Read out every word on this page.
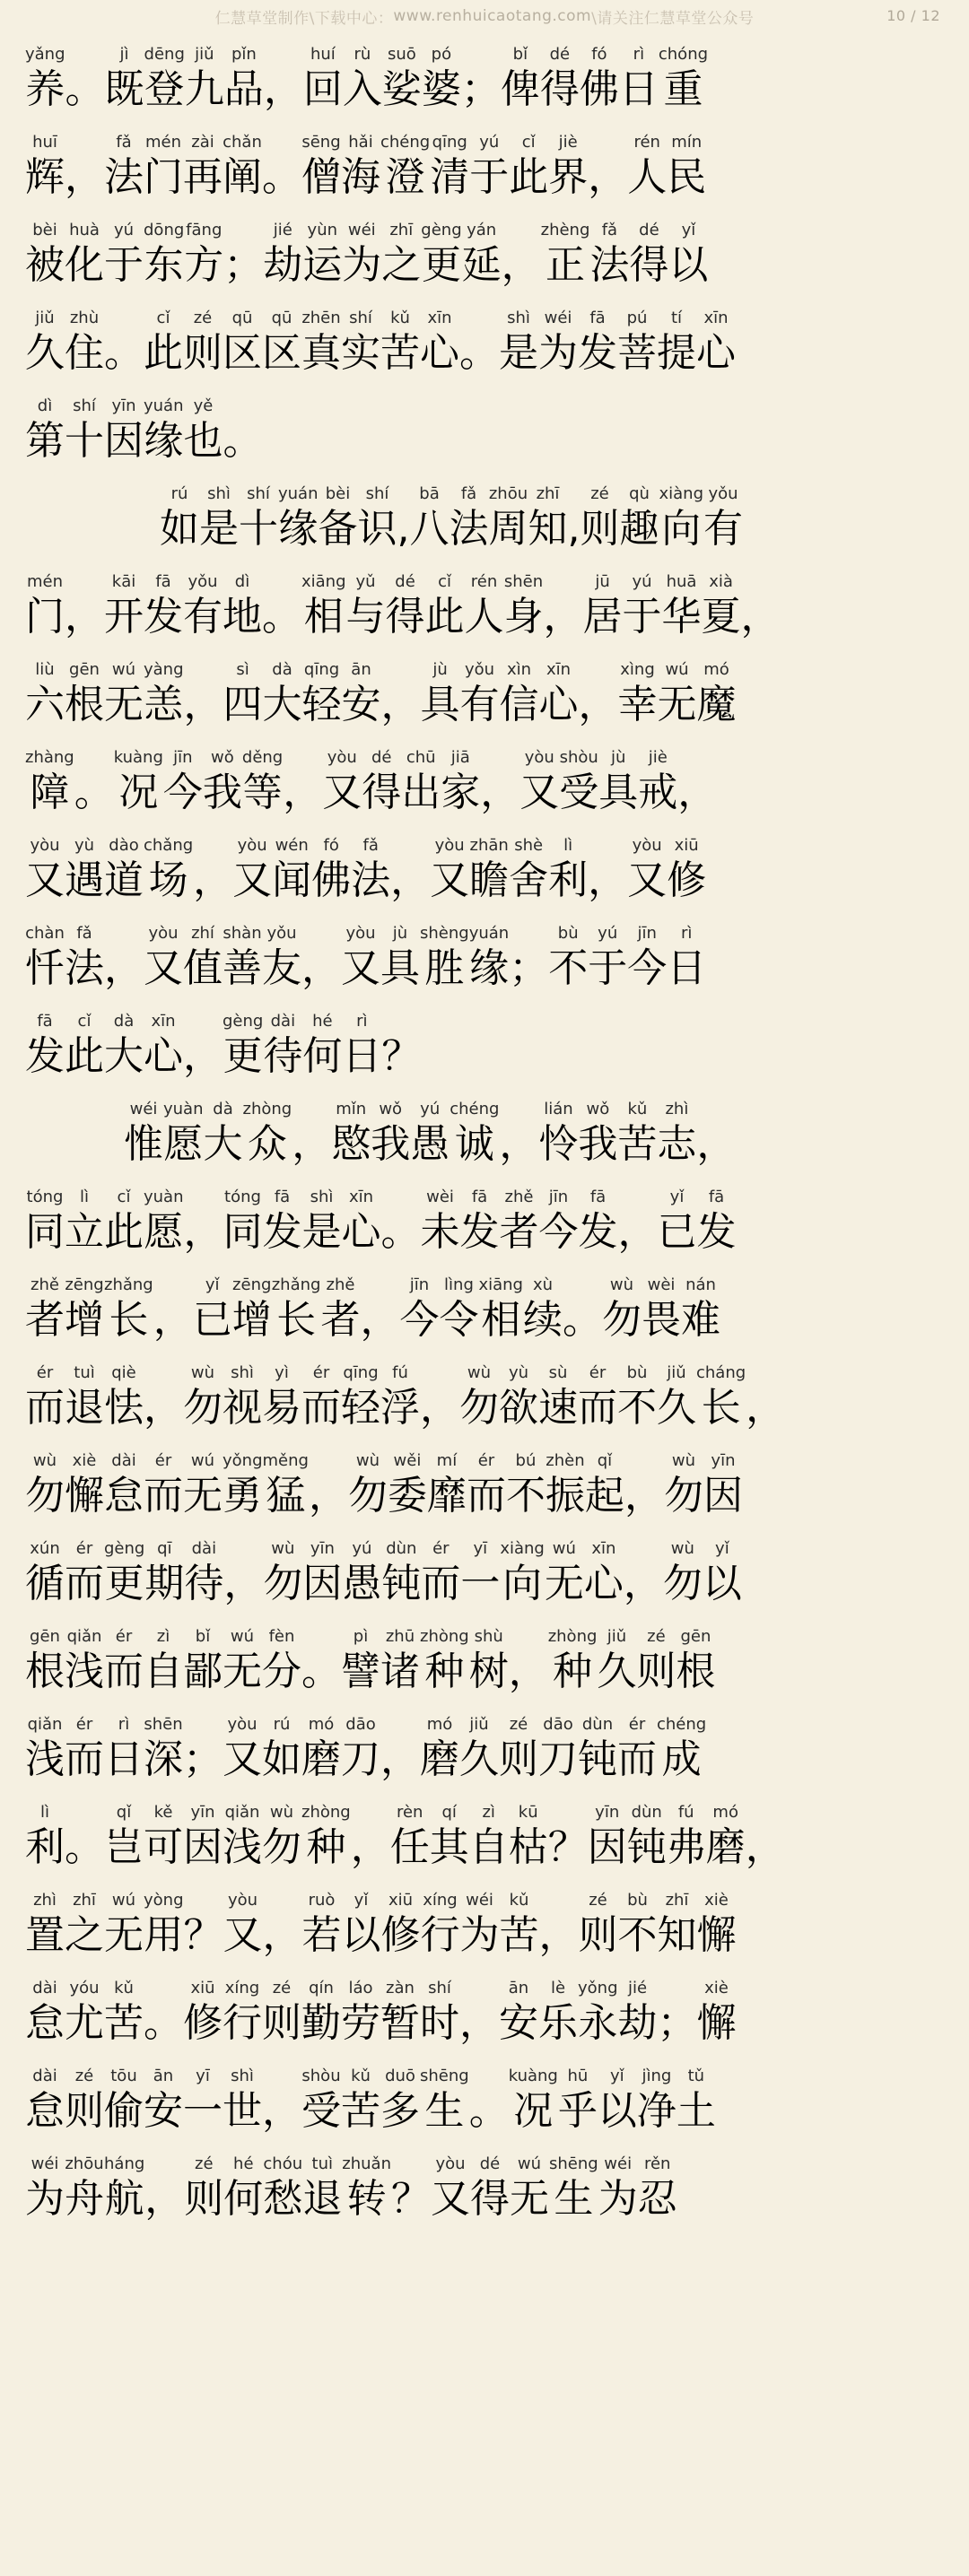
仁慧草堂制作\下载中心： www.renhuicaotang.com \请关注仁慧草堂公众号	10 / 12
yǎng
养 。
jì
既
dēng
登
jiǔ
九
pǐn
品 ，
huí
回
rù
入
suō
娑
pó
婆 ；
bǐ
俾
dé
得
fó
佛
rì
日
chóng
重
huī
辉 ，
fǎ
法
mén
门
zài
再
chǎn
阐 。
sēng
僧
hǎi
海
chéng
澄
qīng
清
yú
于
cǐ
此
jiè
界 ，
rén
人
mín
民
bèi
被
huà
化
yú
于
dōng
东
fāng
方 ；
jié
劫
yùn
运
wéi
为
zhī
之
gèng
更
yán
延 ，
zhèng
正
fǎ
法
dé
得
yǐ
以
jiǔ
久
zhù
住 。
cǐ
此
zé
则
qū
区
qū
区
zhēn
真
shí
实
kǔ
苦
xīn
心 。
shì
是
wéi
为
fā
发
pú
菩
tí
提
xīn
心
dì
第
shí
十
yīn
因
yuán
缘
yě
也 。
rú
如
shì
是
shí
十
yuán
缘
bèi
备
shí
识 ,
bā
八
fǎ
法
zhōu
周
zhī
知 ,
zé
则
qù
趣
xiàng
向
yǒu
有
mén
门 ，
kāi
开
fā
发
yǒu
有
dì
地 。
xiāng
相
yǔ
与
dé
得
cǐ
此
rén
人
shēn
身 ，
jū
居
yú
于
huā
华
xià
夏 ，
liù
六
gēn
根
wú
无
yàng
恙 ，
sì
四
dà
大
qīng
轻
ān
安 ，
jù
具
yǒu
有
xìn
信
xīn
心 ，
xìng
幸
wú
无
mó
魔
zhàng
障 。
kuàng
况
jīn
今
wǒ
我
děng
等 ，
yòu
又
dé
得
chū
出
jiā
家 ，
yòu
又
shòu
受
jù
具
jiè
戒 ，
yòu
又
yù
遇
dào
道
chǎng
场 ，
yòu
又
wén
闻
fó
佛
fǎ
法 ，
yòu
又
zhān
瞻
shè
舍
lì
利 ，
yòu
又
xiū
修
chàn
忏
fǎ
法 ，
yòu
又
zhí
值
shàn
善
yǒu
友 ，
yòu
又
jù
具
shèng
胜
yuán
缘 ；
bù
不
yú
于
jīn
今
rì
日
fā
发
cǐ
此
dà
大
xīn
心 ，
gèng
更
dài
待
hé
何
rì
日 ？
wéi
惟
yuàn
愿
dà
大
zhòng
众 ，
mǐn
愍
wǒ
我
yú
愚
chéng
诚 ，
lián
怜
wǒ
我
kǔ
苦
zhì
志 ，
tóng
同
lì
立
cǐ
此
yuàn
愿 ，
tóng
同
fā
发
shì
是
xīn
心 。
wèi
未
fā
发
zhě
者
jīn
今
fā
发 ，
yǐ
已
fā
发
zhě
者
zēng
增
zhǎng
长 ，
yǐ
已
zēng
增
zhǎng
长
zhě
者 ，
jīn
今
lìng
令
xiāng
相
xù
续 。
wù
勿
wèi
畏
nán
难
ér
而
tuì
退
qiè
怯 ，
wù
勿
shì
视
yì
易
ér
而
qīng
轻
fú
浮 ，
wù
勿
yù
欲
sù
速
ér
而
bù
不
jiǔ
久
cháng
长 ，
wù
勿
xiè
懈
dài
怠
ér
而
wú
无
yǒng
勇
měng
猛 ，
wù
勿
wěi
委
mí
靡
ér
而
bú
不
zhèn
振
qǐ
起 ，
wù
勿
yīn
因
xún
循
ér
而
gèng
更
qī
期
dài
待 ，
wù
勿
yīn
因
yú
愚
dùn
钝
ér
而
yī
一
xiàng
向
wú
无
xīn
心 ，
wù
勿
yǐ
以
gēn
根
qiǎn
浅
ér
而
zì
自
bǐ
鄙
wú
无
fèn
分 。
pì
譬
zhū
诸
zhòng
种
shù
树 ，
zhòng
种
jiǔ
久
zé
则
gēn
根
qiǎn
浅
ér
而
rì
日
shēn
深 ；
yòu
又
rú
如
mó
磨
dāo
刀 ，
mó
磨
jiǔ
久
zé
则
dāo
刀
dùn
钝
ér
而
chéng
成
lì
利 。
qǐ
岂
kě
可
yīn
因
qiǎn
浅
wù
勿
zhòng
种 ，
rèn
任
qí
其
zì
自
kū
枯 ？
yīn
因
dùn
钝
fú
弗
mó
磨 ，
zhì
置
zhī
之
wú
无
yòng
用 ？
yòu
又 ，
ruò
若
yǐ
以
xiū
修
xíng
行
wéi
为
kǔ
苦 ，
zé
则
bù
不
zhī
知
xiè
懈
dài
怠
yóu
尤
kǔ
苦 。
xiū
修
xíng
行
zé
则
qín
勤
láo
劳
zàn
暂
shí
时 ，
ān
安
lè
乐
yǒng
永
jié
劫 ；
xiè
懈
dài
怠
zé
则
tōu
偷
ān
安
yī
一
shì
世 ，
shòu
受
kǔ
苦
duō
多
shēng
生 。
kuàng
况
hū
乎
yǐ
以
jìng
净
tǔ
土
wéi
为
zhōu
舟
háng
航 ，
zé
则
hé
何
chóu
愁
tuì
退
zhuǎn
转 ？
yòu
又
dé
得
wú
无
shēng
生
wéi
为
rěn
忍
